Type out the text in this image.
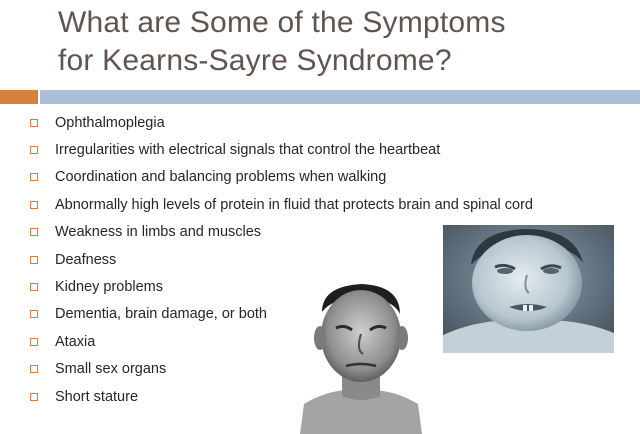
What are Some of the Symptoms
for Kearns-Sayre Syndrome?
Ophthalmoplegia
Irregularities with electrical signals that control the heartbeat
Coordination and balancing problems when walking
Abnormally high levels of protein in fluid that protects brain and spinal cord
Weakness in limbs and muscles
Deafness
Kidney problems
Dementia, brain damage, or both
Ataxia
Small sex organs
Short stature
